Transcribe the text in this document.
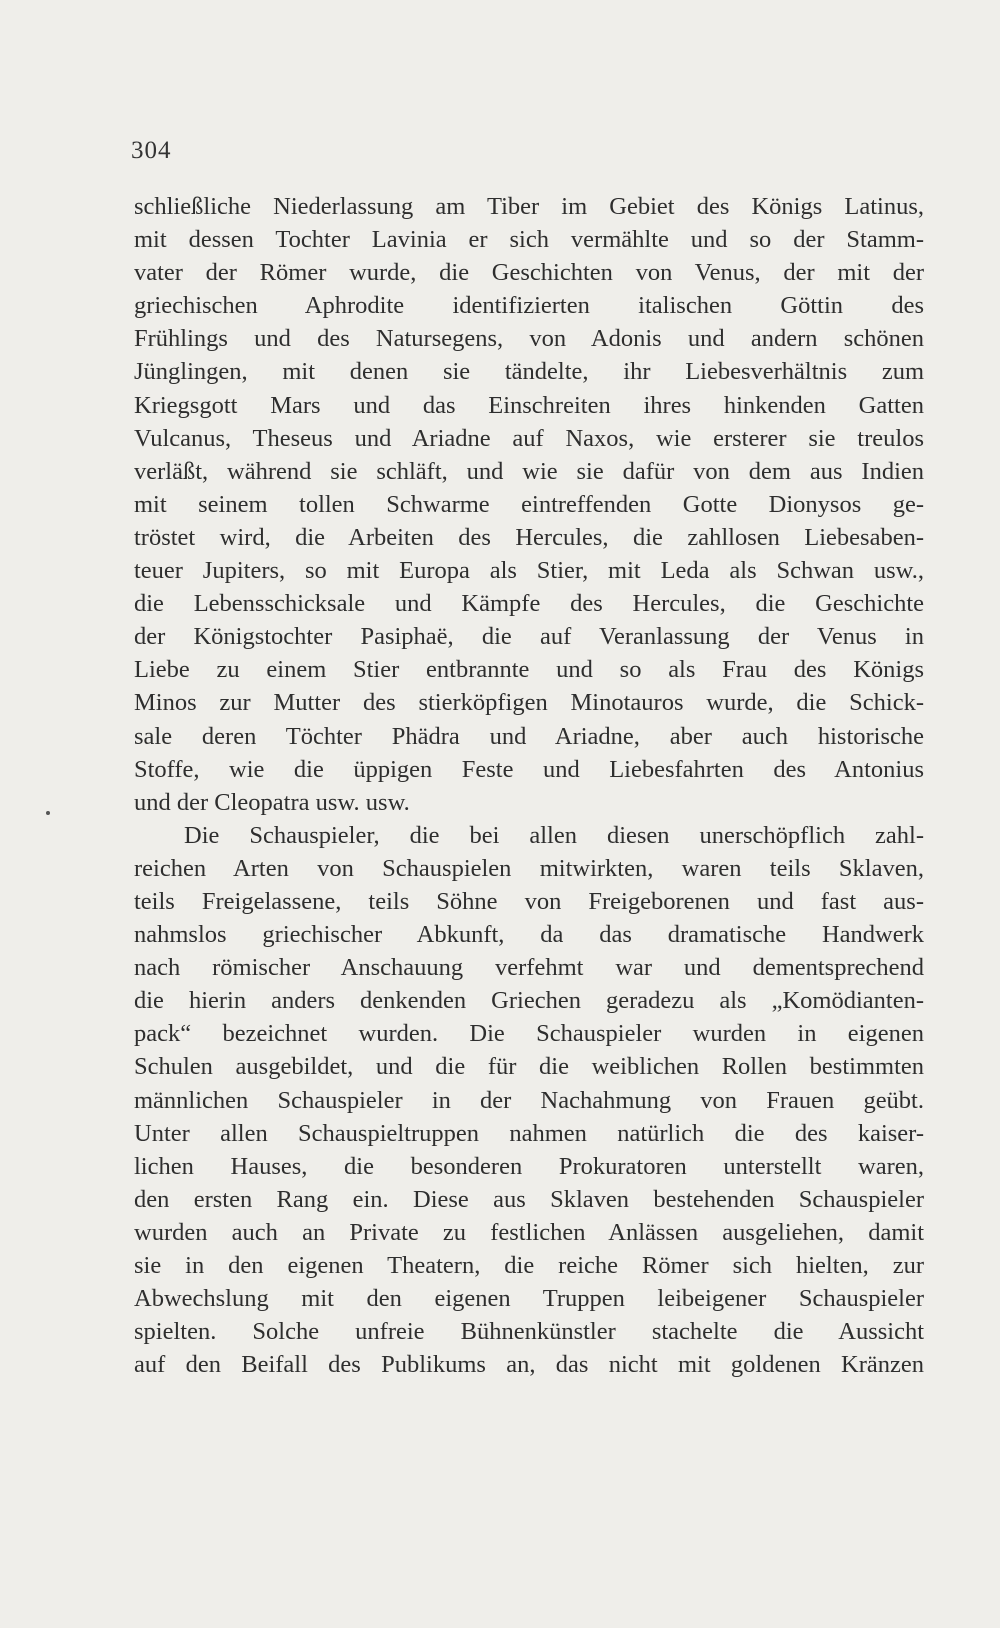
304
schließliche Niederlassung am Tiber im Gebiet des Königs Latinus,
mit dessen Tochter Lavinia er sich vermählte und so der Stamm-
vater der Römer wurde, die Geschichten von Venus, der mit der
griechischen Aphrodite identifizierten italischen Göttin des
Frühlings und des Natursegens, von Adonis und andern schönen
Jünglingen, mit denen sie tändelte, ihr Liebesverhältnis zum
Kriegsgott Mars und das Einschreiten ihres hinkenden Gatten
Vulcanus, Theseus und Ariadne auf Naxos, wie ersterer sie treulos
verläßt, während sie schläft, und wie sie dafür von dem aus Indien
mit seinem tollen Schwarme eintreffenden Gotte Dionysos ge-
tröstet wird, die Arbeiten des Hercules, die zahllosen Liebesaben-
teuer Jupiters, so mit Europa als Stier, mit Leda als Schwan usw.,
die Lebensschicksale und Kämpfe des Hercules, die Geschichte
der Königstochter Pasiphaë, die auf Veranlassung der Venus in
Liebe zu einem Stier entbrannte und so als Frau des Königs
Minos zur Mutter des stierköpfigen Minotauros wurde, die Schick-
sale deren Töchter Phädra und Ariadne, aber auch historische
Stoffe, wie die üppigen Feste und Liebesfahrten des Antonius
und der Cleopatra usw. usw.
Die Schauspieler, die bei allen diesen unerschöpflich zahl-
reichen Arten von Schauspielen mitwirkten, waren teils Sklaven,
teils Freigelassene, teils Söhne von Freigeborenen und fast aus-
nahmslos griechischer Abkunft, da das dramatische Handwerk
nach römischer Anschauung verfehmt war und dementsprechend
die hierin anders denkenden Griechen geradezu als „Komödianten-
pack“ bezeichnet wurden. Die Schauspieler wurden in eigenen
Schulen ausgebildet, und die für die weiblichen Rollen bestimmten
männlichen Schauspieler in der Nachahmung von Frauen geübt.
Unter allen Schauspieltruppen nahmen natürlich die des kaiser-
lichen Hauses, die besonderen Prokuratoren unterstellt waren,
den ersten Rang ein. Diese aus Sklaven bestehenden Schauspieler
wurden auch an Private zu festlichen Anlässen ausgeliehen, damit
sie in den eigenen Theatern, die reiche Römer sich hielten, zur
Abwechslung mit den eigenen Truppen leibeigener Schauspieler
spielten. Solche unfreie Bühnenkünstler stachelte die Aussicht
auf den Beifall des Publikums an, das nicht mit goldenen Kränzen
